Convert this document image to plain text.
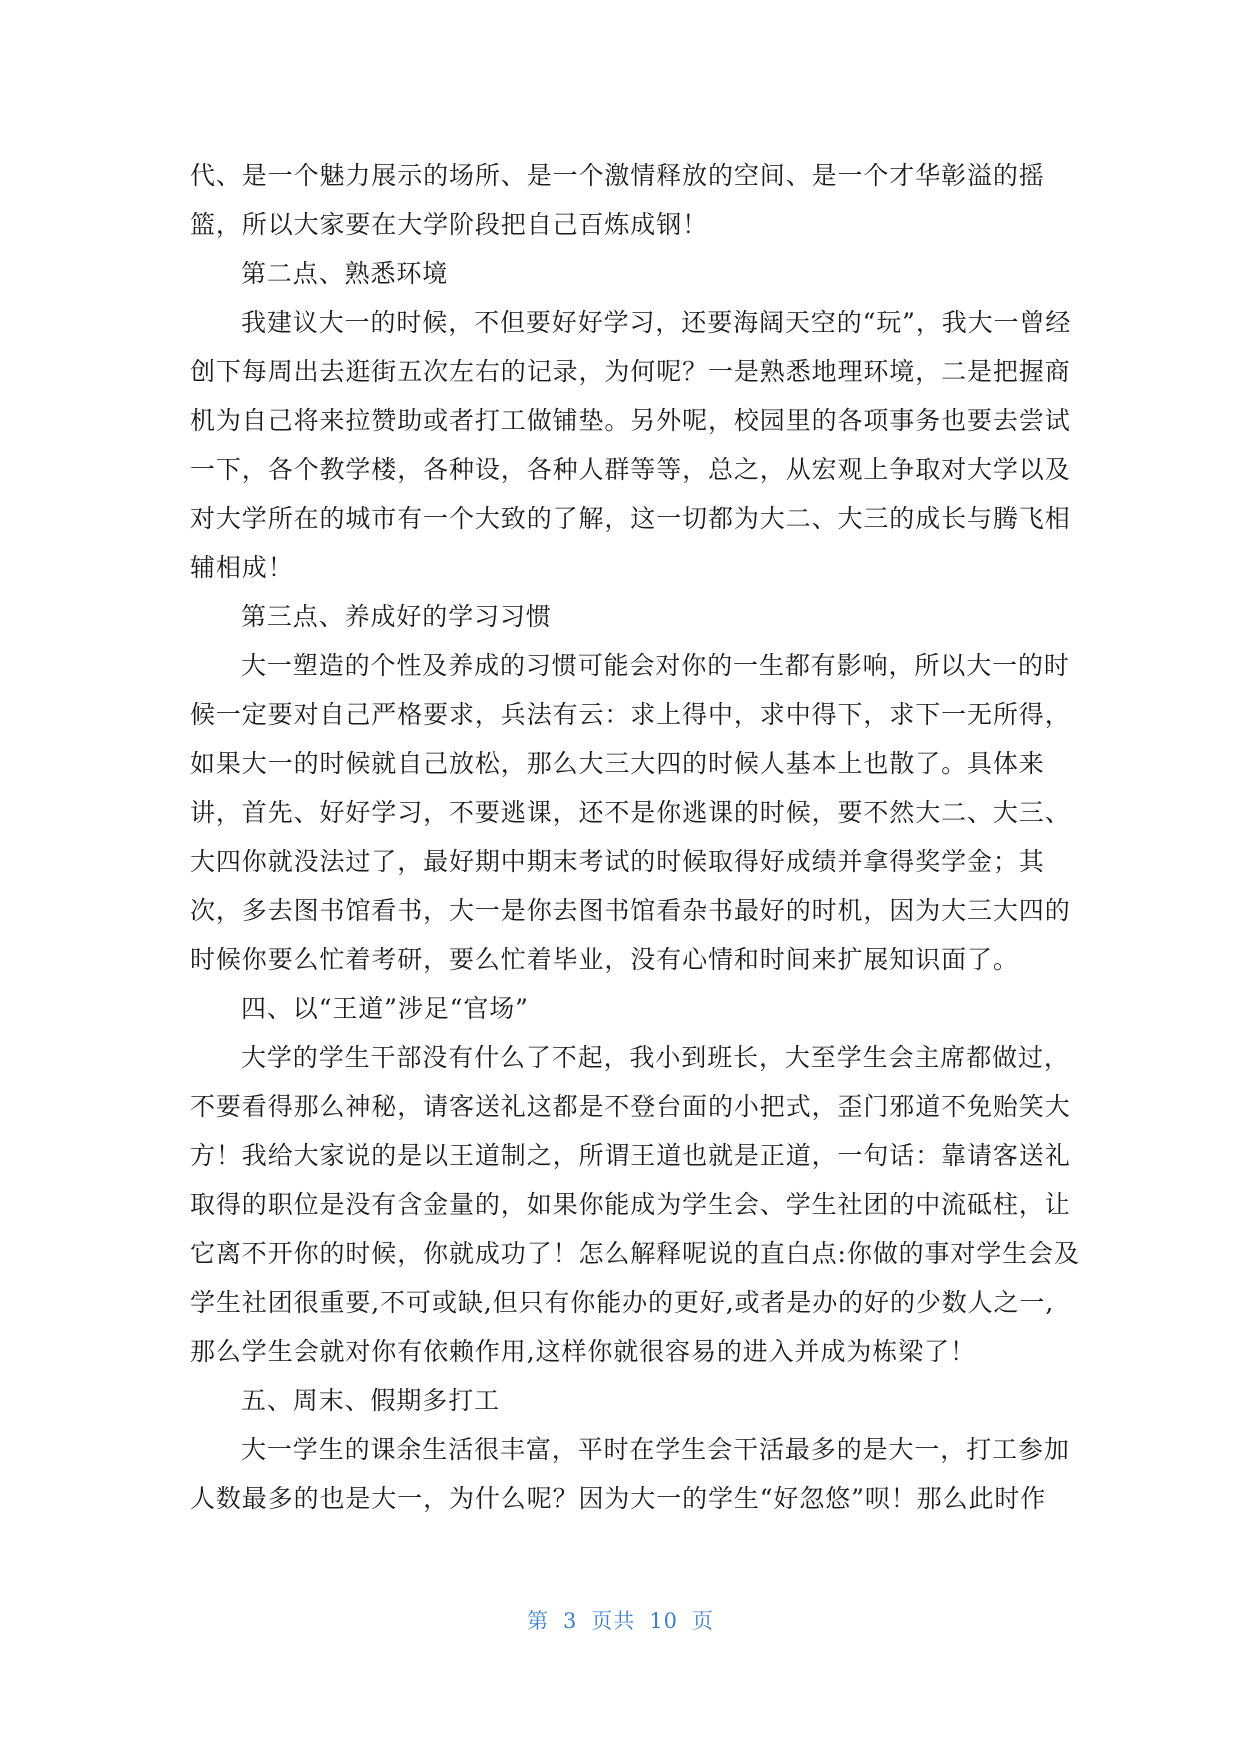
代、是一个魅力展示的场所、是一个激情释放的空间、是一个才华彰溢的摇
篮，所以大家要在大学阶段把自己百炼成钢！
第二点、熟悉环境
我建议大一的时候，不但要好好学习，还要海阔天空的“玩”，我大一曾经
创下每周出去逛街五次左右的记录，为何呢？一是熟悉地理环境，二是把握商
机为自己将来拉赞助或者打工做铺垫。另外呢，校园里的各项事务也要去尝试
一下，各个教学楼，各种设，各种人群等等，总之，从宏观上争取对大学以及
对大学所在的城市有一个大致的了解，这一切都为大二、大三的成长与腾飞相
辅相成！
第三点、养成好的学习习惯
大一塑造的个性及养成的习惯可能会对你的一生都有影响，所以大一的时
候一定要对自己严格要求，兵法有云：求上得中，求中得下，求下一无所得，
如果大一的时候就自己放松，那么大三大四的时候人基本上也散了。具体来
讲，首先、好好学习，不要逃课，还不是你逃课的时候，要不然大二、大三、
大四你就没法过了，最好期中期末考试的时候取得好成绩并拿得奖学金；其
次，多去图书馆看书，大一是你去图书馆看杂书最好的时机，因为大三大四的
时候你要么忙着考研，要么忙着毕业，没有心情和时间来扩展知识面了。
四、以“王道”涉足“官场”
大学的学生干部没有什么了不起，我小到班长，大至学生会主席都做过，
不要看得那么神秘，请客送礼这都是不登台面的小把式，歪门邪道不免贻笑大
方！我给大家说的是以王道制之，所谓王道也就是正道，一句话：靠请客送礼
取得的职位是没有含金量的，如果你能成为学生会、学生社团的中流砥柱，让
它离不开你的时候，你就成功了！怎么解释呢说的直白点:你做的事对学生会及
学生社团很重要,不可或缺,但只有你能办的更好,或者是办的好的少数人之一,
那么学生会就对你有依赖作用,这样你就很容易的进入并成为栋梁了！
五、周末、假期多打工
大一学生的课余生活很丰富，平时在学生会干活最多的是大一，打工参加
人数最多的也是大一，为什么呢？因为大一的学生“好忽悠”呗！那么此时作
第 3 页共 10 页
